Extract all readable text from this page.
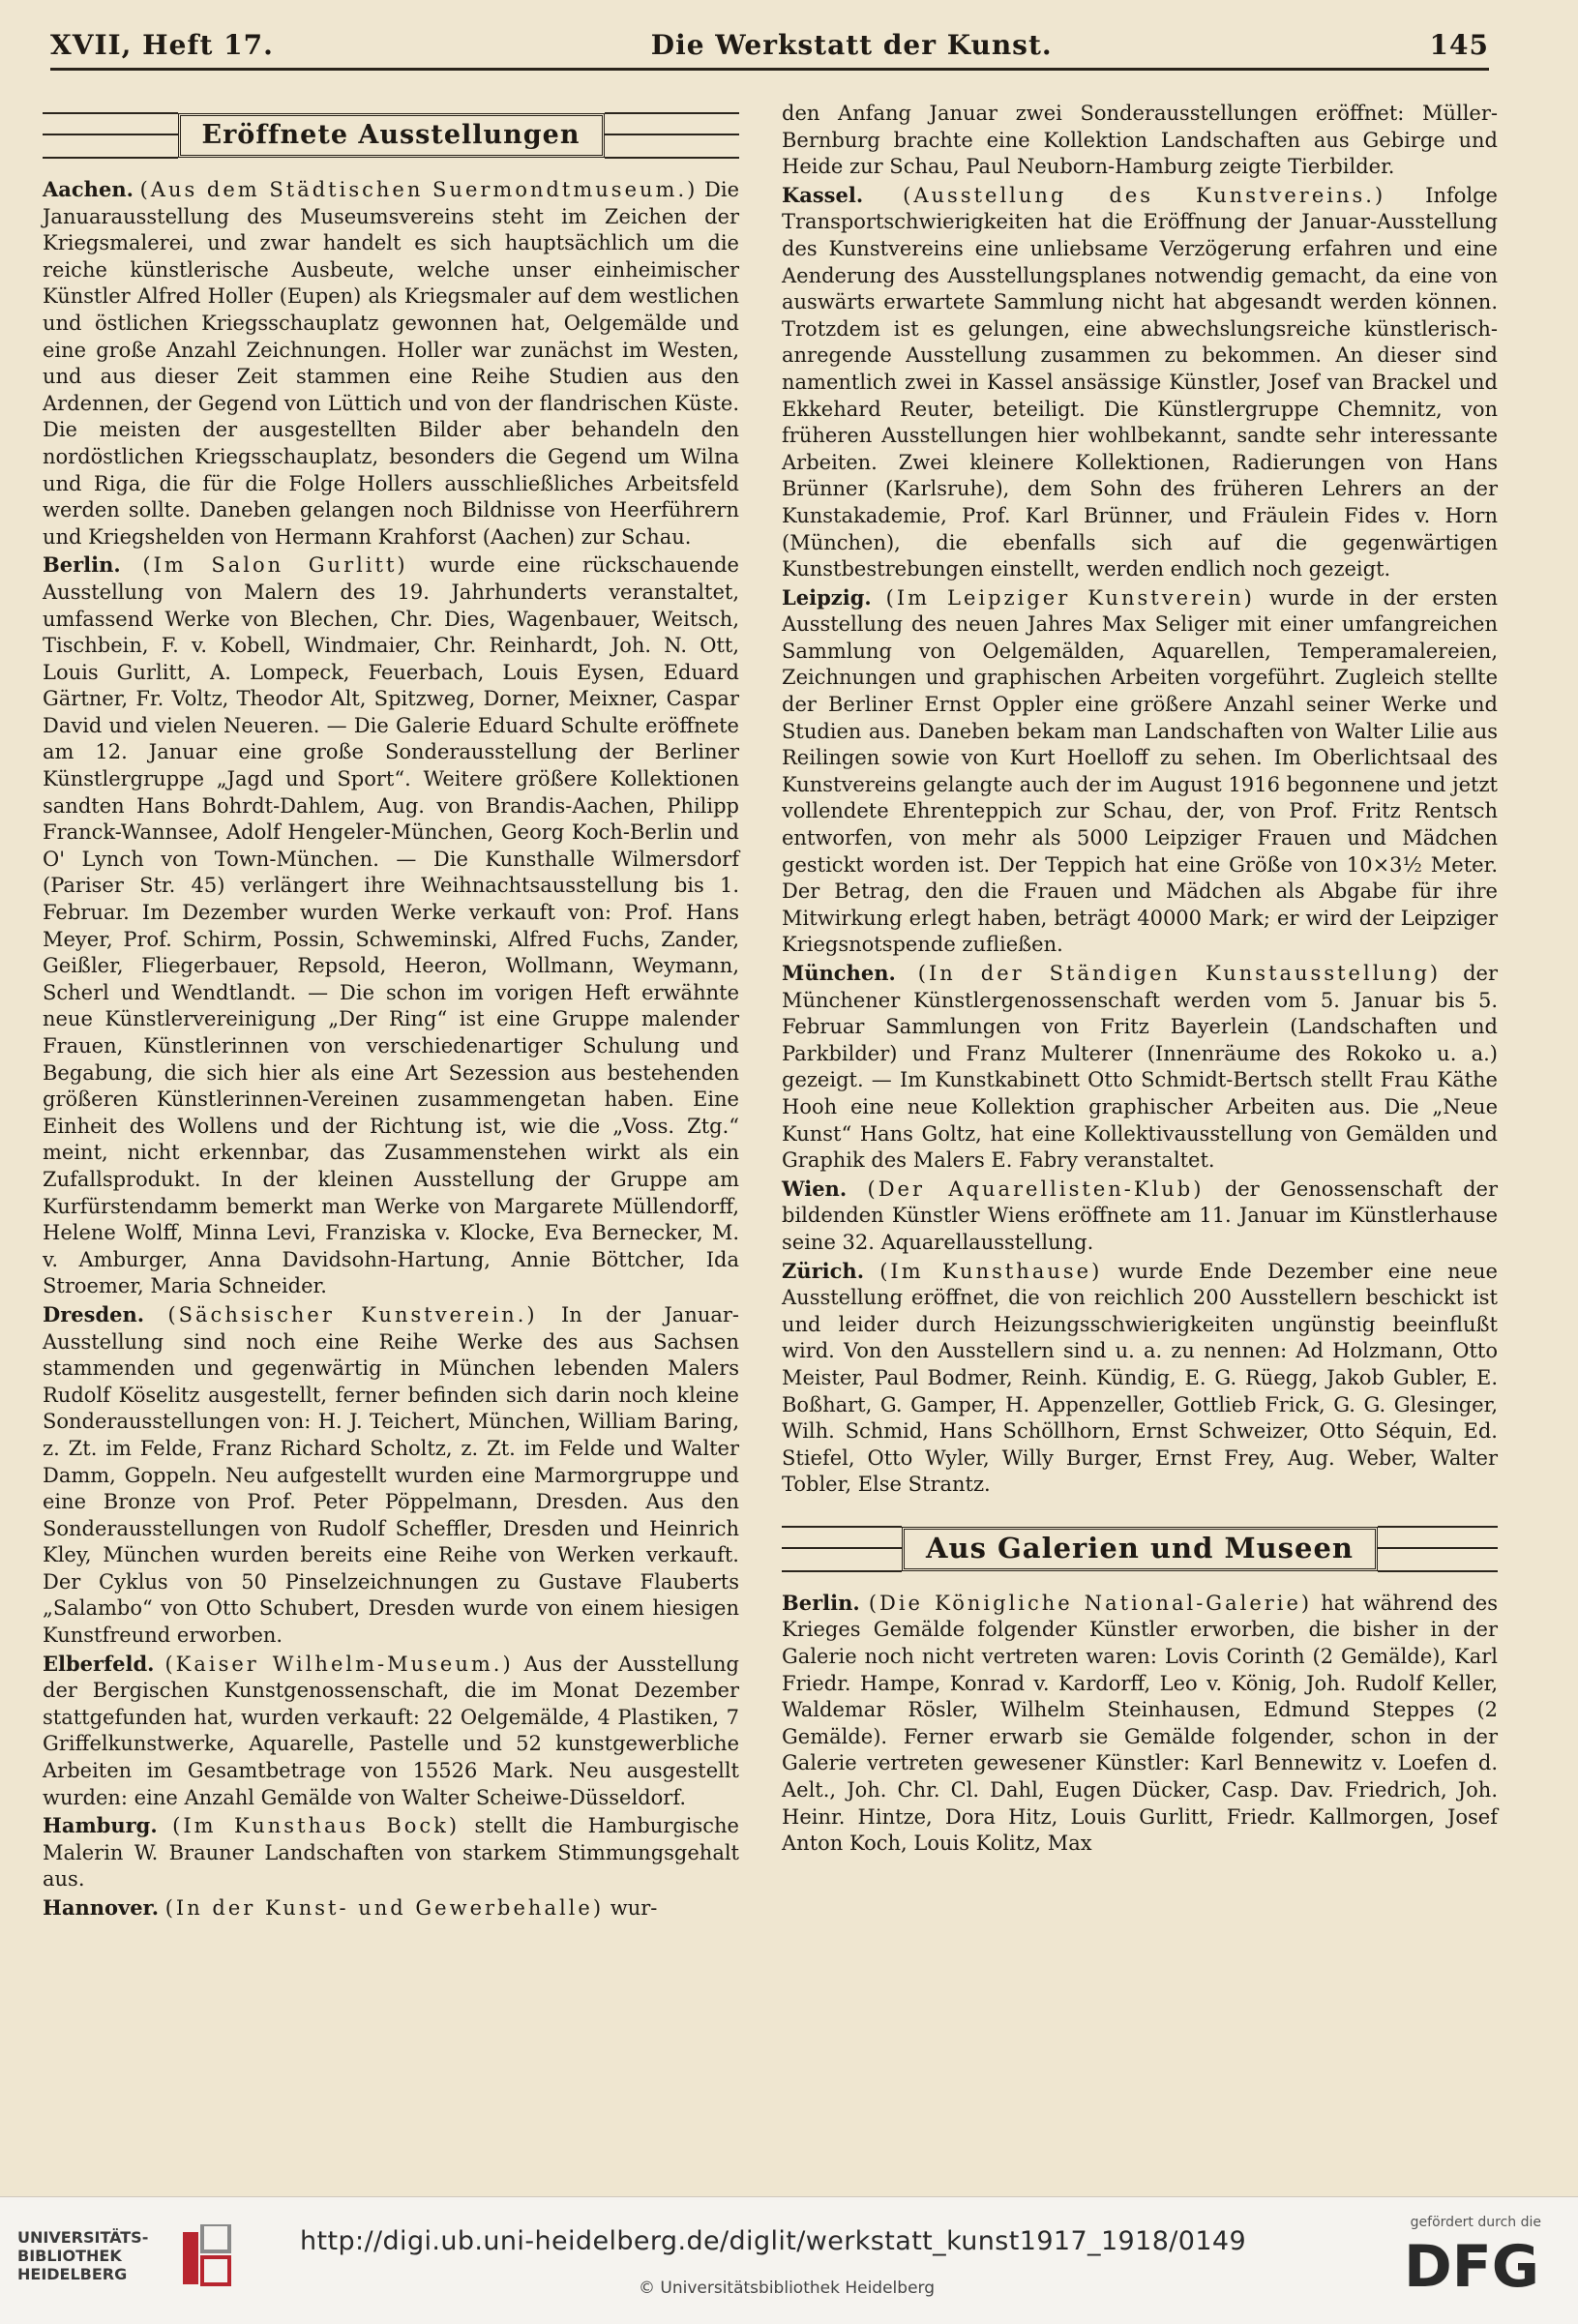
XVII, Heft 17.	Die Werkstatt der Kunst.	145
Eröffnete Ausstellungen

Aachen. (Aus dem Städtischen Suermondtmuseum.) Die Januarausstellung des Museumsvereins steht im Zeichen der Kriegsmalerei, und zwar handelt es sich hauptsächlich um die reiche künstlerische Ausbeute, welche unser einheimischer Künstler Alfred Holler (Eupen) als Kriegsmaler auf dem westlichen und östlichen Kriegsschauplatz gewonnen hat, Oelgemälde und eine große Anzahl Zeichnungen. Holler war zunächst im Westen, und aus dieser Zeit stammen eine Reihe Studien aus den Ardennen, der Gegend von Lüttich und von der flandrischen Küste. Die meisten der ausgestellten Bilder aber behandeln den nordöstlichen Kriegsschauplatz, besonders die Gegend um Wilna und Riga, die für die Folge Hollers ausschließliches Arbeitsfeld werden sollte. Daneben gelangen noch Bildnisse von Heerführern und Kriegshelden von Hermann Krahforst (Aachen) zur Schau.

Berlin. (Im Salon Gurlitt) wurde eine rückschauende Ausstellung von Malern des 19. Jahrhunderts veranstaltet, umfassend Werke von Blechen, Chr. Dies, Wagenbauer, Weitsch, Tischbein, F. v. Kobell, Windmaier, Chr. Reinhardt, Joh. N. Ott, Louis Gurlitt, A. Lompeck, Feuerbach, Louis Eysen, Eduard Gärtner, Fr. Voltz, Theodor Alt, Spitzweg, Dorner, Meixner, Caspar David und vielen Neueren. — Die Galerie Eduard Schulte eröffnete am 12. Januar eine große Sonderausstellung der Berliner Künstlergruppe „Jagd und Sport“. Weitere größere Kollektionen sandten Hans Bohrdt-Dahlem, Aug. von Brandis-Aachen, Philipp Franck-Wannsee, Adolf Hengeler-München, Georg Koch-Berlin und O' Lynch von Town-München. — Die Kunsthalle Wilmersdorf (Pariser Str. 45) verlängert ihre Weihnachtsausstellung bis 1. Februar. Im Dezember wurden Werke verkauft von: Prof. Hans Meyer, Prof. Schirm, Possin, Schweminski, Alfred Fuchs, Zander, Geißler, Fliegerbauer, Repsold, Heeron, Wollmann, Weymann, Scherl und Wendtlandt. — Die schon im vorigen Heft erwähnte neue Künstlervereinigung „Der Ring“ ist eine Gruppe malender Frauen, Künstlerinnen von verschiedenartiger Schulung und Begabung, die sich hier als eine Art Sezession aus bestehenden größeren Künstlerinnen-Vereinen zusammengetan haben. Eine Einheit des Wollens und der Richtung ist, wie die „Voss. Ztg.“ meint, nicht erkennbar, das Zusammenstehen wirkt als ein Zufallsprodukt. In der kleinen Ausstellung der Gruppe am Kurfürstendamm bemerkt man Werke von Margarete Müllendorff, Helene Wolff, Minna Levi, Franziska v. Klocke, Eva Bernecker, M. v. Amburger, Anna Davidsohn-Hartung, Annie Böttcher, Ida Stroemer, Maria Schneider.

Dresden. (Sächsischer Kunstverein.) In der Januar-Ausstellung sind noch eine Reihe Werke des aus Sachsen stammenden und gegenwärtig in München lebenden Malers Rudolf Köselitz ausgestellt, ferner befinden sich darin noch kleine Sonderausstellungen von: H. J. Teichert, München, William Baring, z. Zt. im Felde, Franz Richard Scholtz, z. Zt. im Felde und Walter Damm, Goppeln. Neu aufgestellt wurden eine Marmorgruppe und eine Bronze von Prof. Peter Pöppelmann, Dresden. Aus den Sonderausstellungen von Rudolf Scheffler, Dresden und Heinrich Kley, München wurden bereits eine Reihe von Werken verkauft. Der Cyklus von 50 Pinselzeichnungen zu Gustave Flauberts „Salambo“ von Otto Schubert, Dresden wurde von einem hiesigen Kunstfreund erworben.

Elberfeld. (Kaiser Wilhelm-Museum.) Aus der Ausstellung der Bergischen Kunstgenossenschaft, die im Monat Dezember stattgefunden hat, wurden verkauft: 22 Oelgemälde, 4 Plastiken, 7 Griffelkunstwerke, Aquarelle, Pastelle und 52 kunstgewerbliche Arbeiten im Gesamtbetrage von 15526 Mark. Neu ausgestellt wurden: eine Anzahl Gemälde von Walter Scheiwe-Düsseldorf.

Hamburg. (Im Kunsthaus Bock) stellt die Hamburgische Malerin W. Brauner Landschaften von starkem Stimmungsgehalt aus.

Hannover. (In der Kunst- und Gewerbehalle) wur-

den Anfang Januar zwei Sonderausstellungen eröffnet: Müller-Bernburg brachte eine Kollektion Landschaften aus Gebirge und Heide zur Schau, Paul Neuborn-Hamburg zeigte Tierbilder.

Kassel. (Ausstellung des Kunstvereins.) Infolge Transportschwierigkeiten hat die Eröffnung der Januar-Ausstellung des Kunstvereins eine unliebsame Verzögerung erfahren und eine Aenderung des Ausstellungsplanes notwendig gemacht, da eine von auswärts erwartete Sammlung nicht hat abgesandt werden können. Trotzdem ist es gelungen, eine abwechslungsreiche künstlerisch-anregende Ausstellung zusammen zu bekommen. An dieser sind namentlich zwei in Kassel ansässige Künstler, Josef van Brackel und Ekkehard Reuter, beteiligt. Die Künstlergruppe Chemnitz, von früheren Ausstellungen hier wohlbekannt, sandte sehr interessante Arbeiten. Zwei kleinere Kollektionen, Radierungen von Hans Brünner (Karlsruhe), dem Sohn des früheren Lehrers an der Kunstakademie, Prof. Karl Brünner, und Fräulein Fides v. Horn (München), die ebenfalls sich auf die gegenwärtigen Kunstbestrebungen einstellt, werden endlich noch gezeigt.

Leipzig. (Im Leipziger Kunstverein) wurde in der ersten Ausstellung des neuen Jahres Max Seliger mit einer umfangreichen Sammlung von Oelgemälden, Aquarellen, Temperamalereien, Zeichnungen und graphischen Arbeiten vorgeführt. Zugleich stellte der Berliner Ernst Oppler eine größere Anzahl seiner Werke und Studien aus. Daneben bekam man Landschaften von Walter Lilie aus Reilingen sowie von Kurt Hoelloff zu sehen. Im Oberlichtsaal des Kunstvereins gelangte auch der im August 1916 begonnene und jetzt vollendete Ehrenteppich zur Schau, der, von Prof. Fritz Rentsch entworfen, von mehr als 5000 Leipziger Frauen und Mädchen gestickt worden ist. Der Teppich hat eine Größe von 10×3½ Meter. Der Betrag, den die Frauen und Mädchen als Abgabe für ihre Mitwirkung erlegt haben, beträgt 40000 Mark; er wird der Leipziger Kriegsnotspende zufließen.

München. (In der Ständigen Kunstausstellung) der Münchener Künstlergenossenschaft werden vom 5. Januar bis 5. Februar Sammlungen von Fritz Bayerlein (Landschaften und Parkbilder) und Franz Multerer (Innenräume des Rokoko u. a.) gezeigt. — Im Kunstkabinett Otto Schmidt-Bertsch stellt Frau Käthe Hooh eine neue Kollektion graphischer Arbeiten aus. Die „Neue Kunst“ Hans Goltz, hat eine Kollektivausstellung von Gemälden und Graphik des Malers E. Fabry veranstaltet.

Wien. (Der Aquarellisten-Klub) der Genossenschaft der bildenden Künstler Wiens eröffnete am 11. Januar im Künstlerhause seine 32. Aquarellausstellung.

Zürich. (Im Kunsthause) wurde Ende Dezember eine neue Ausstellung eröffnet, die von reichlich 200 Ausstellern beschickt ist und leider durch Heizungsschwierigkeiten ungünstig beeinflußt wird. Von den Ausstellern sind u. a. zu nennen: Ad Holzmann, Otto Meister, Paul Bodmer, Reinh. Kündig, E. G. Rüegg, Jakob Gubler, E. Boßhart, G. Gamper, H. Appenzeller, Gottlieb Frick, G. G. Glesinger, Wilh. Schmid, Hans Schöllhorn, Ernst Schweizer, Otto Séquin, Ed. Stiefel, Otto Wyler, Willy Burger, Ernst Frey, Aug. Weber, Walter Tobler, Else Strantz.

Aus Galerien und Museen

Berlin. (Die Königliche National-Galerie) hat während des Krieges Gemälde folgender Künstler erworben, die bisher in der Galerie noch nicht vertreten waren: Lovis Corinth (2 Gemälde), Karl Friedr. Hampe, Konrad v. Kardorff, Leo v. König, Joh. Rudolf Keller, Waldemar Rösler, Wilhelm Steinhausen, Edmund Steppes (2 Gemälde). Ferner erwarb sie Gemälde folgender, schon in der Galerie vertreten gewesener Künstler: Karl Bennewitz v. Loefen d. Aelt., Joh. Chr. Cl. Dahl, Eugen Dücker, Casp. Dav. Friedrich, Joh. Heinr. Hintze, Dora Hitz, Louis Gurlitt, Friedr. Kallmorgen, Josef Anton Koch, Louis Kolitz, Max

UNIVERSITÄTS-
BIBLIOTHEK
HEIDELBERG
http://digi.ub.uni-heidelberg.de/diglit/werkstatt_kunst1917_1918/0149
© Universitätsbibliothek Heidelberg
gefördert durch die
DFG
